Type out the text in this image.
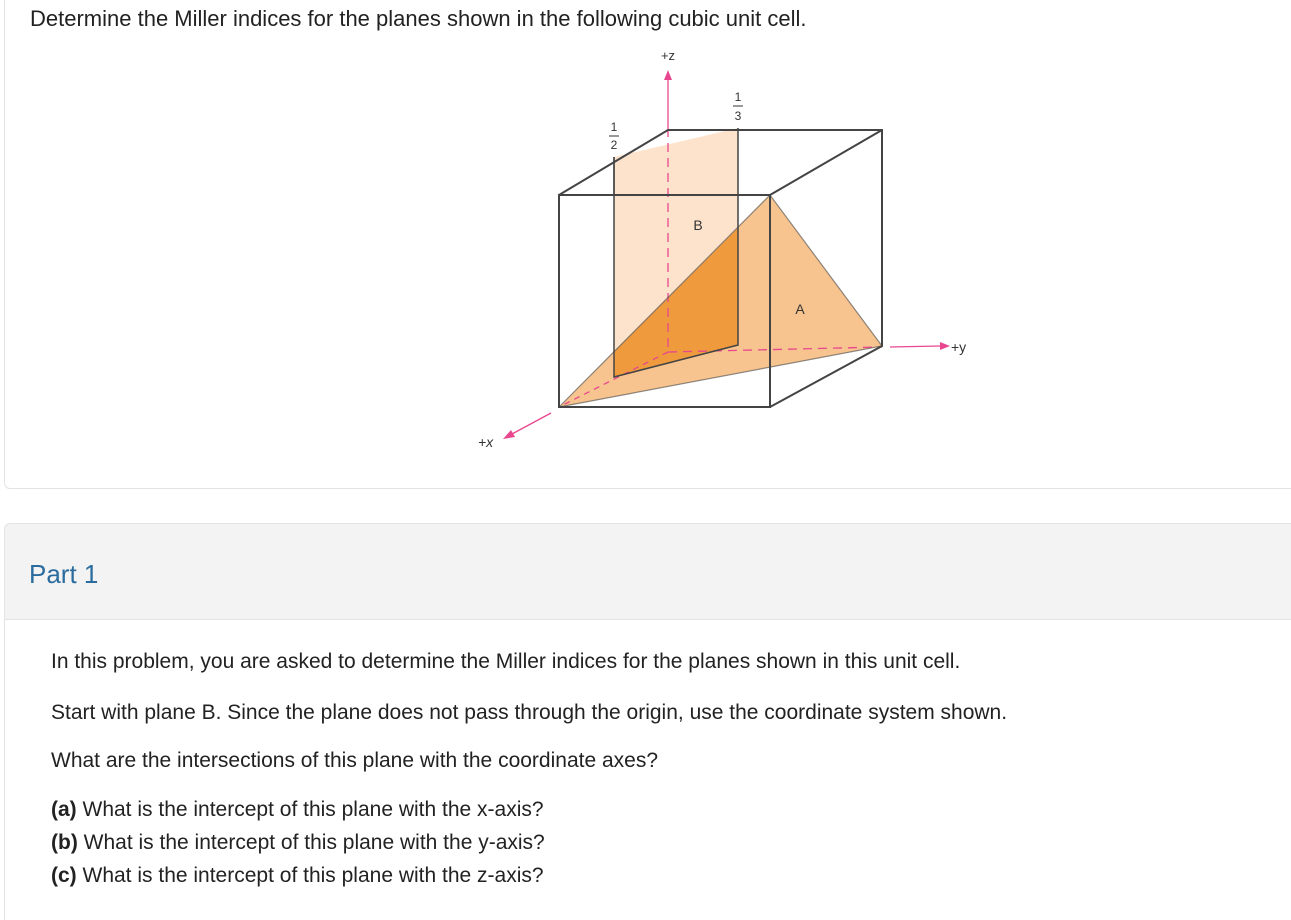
Determine the Miller indices for the planes shown in the following cubic unit cell.
+z
+y
+x
1
2
1
3
B
A
Part 1
In this problem, you are asked to determine the Miller indices for the planes shown in this unit cell.
Start with plane B. Since the plane does not pass through the origin, use the coordinate system shown.
What are the intersections of this plane with the coordinate axes?
(a) What is the intercept of this plane with the x-axis?
(b) What is the intercept of this plane with the y-axis?
(c) What is the intercept of this plane with the z-axis?
